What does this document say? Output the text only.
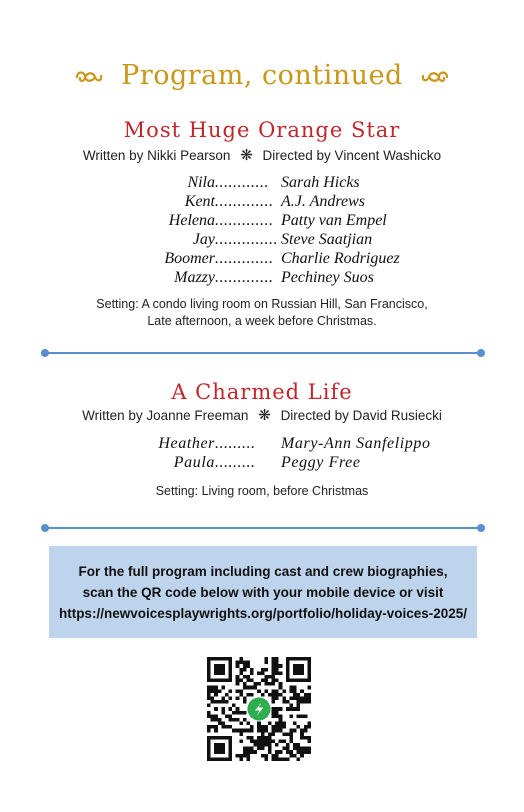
Program, continued
Most Huge Orange Star
Written by Nikki Pearson ❋ Directed by Vincent Washicko
Nila ............ Sarah Hicks
Kent ............. A.J. Andrews
Helena ............. Patty van Empel
Jay .............. Steve Saatjian
Boomer ............. Charlie Rodriguez
Mazzy ............. Pechiney Suos
Setting: A condo living room on Russian Hill, San Francisco,
Late afternoon, a week before Christmas.
A Charmed Life
Written by Joanne Freeman ❋ Directed by David Rusiecki
Heather .........	Mary-Ann Sanfelippo
Paula .........	Peggy Free
Setting: Living room, before Christmas
For the full program including cast and crew biographies,
scan the QR code below with your mobile device or visit
https://newvoicesplaywrights.org/portfolio/holiday-voices-2025/
